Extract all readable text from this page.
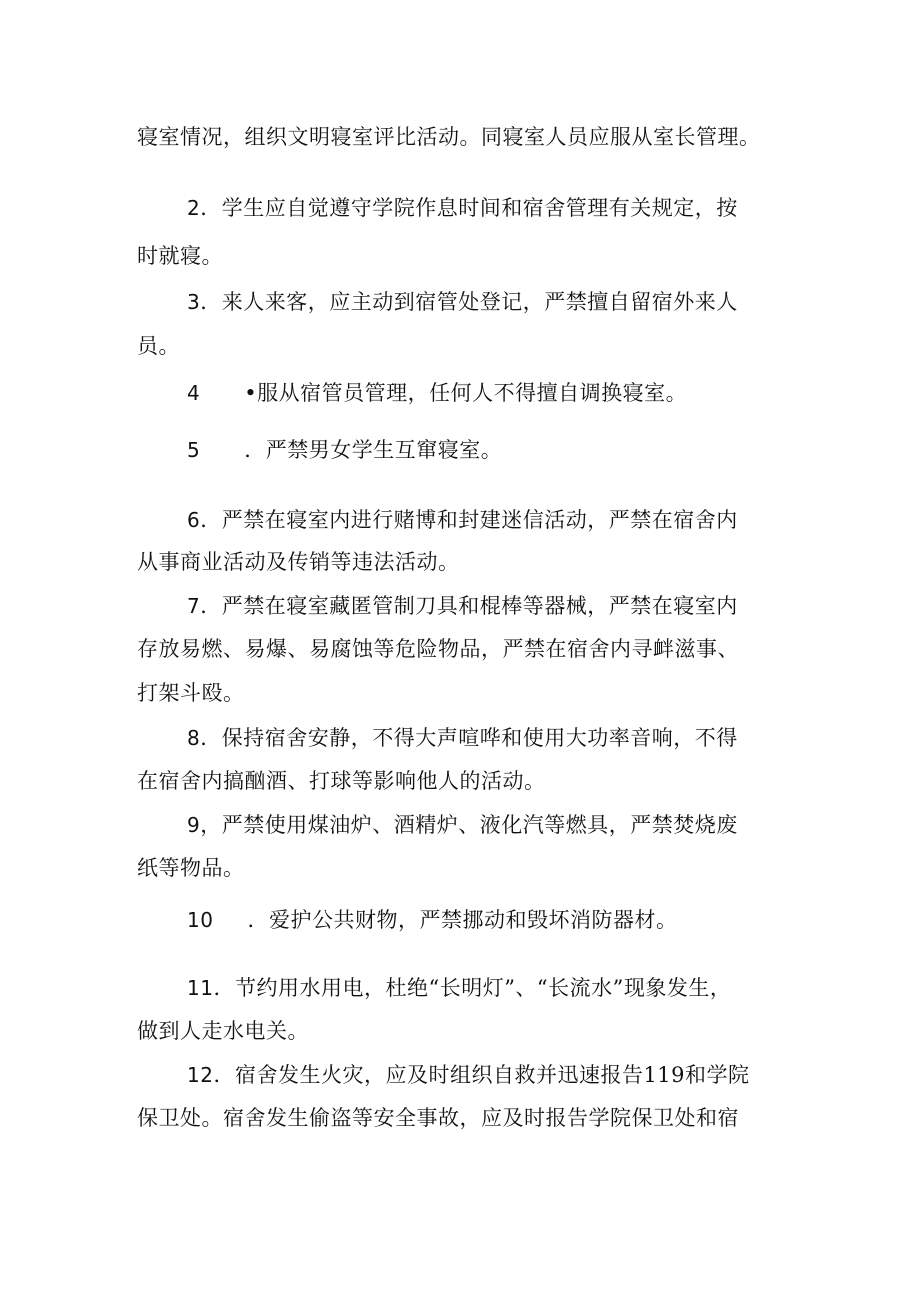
寝室情况，组织文明寝室评比活动。同寝室人员应服从室长管理。
2．学生应自觉遵守学院作息时间和宿舍管理有关规定，按
时就寝。
3．来人来客，应主动到宿管处登记，严禁擅自留宿外来人
员。
4 •服从宿管员管理，任何人不得擅自调换寝室。
5 ．严禁男女学生互窜寝室。
6．严禁在寝室内进行赌博和封建迷信活动，严禁在宿舍内
从事商业活动及传销等违法活动。
7．严禁在寝室藏匿管制刀具和棍棒等器械，严禁在寝室内
存放易燃、易爆、易腐蚀等危险物品，严禁在宿舍内寻衅滋事、
打架斗殴。
8．保持宿舍安静，不得大声喧哗和使用大功率音响，不得
在宿舍内搞酗酒、打球等影响他人的活动。
9，严禁使用煤油炉、酒精炉、液化汽等燃具，严禁焚烧废
纸等物品。
10 ．爱护公共财物，严禁挪动和毁坏消防器材。
11．节约用水用电，杜绝“长明灯”、“长流水”现象发生，
做到人走水电关。
12．宿舍发生火灾，应及时组织自救并迅速报告119和学院
保卫处。宿舍发生偷盗等安全事故，应及时报告学院保卫处和宿
